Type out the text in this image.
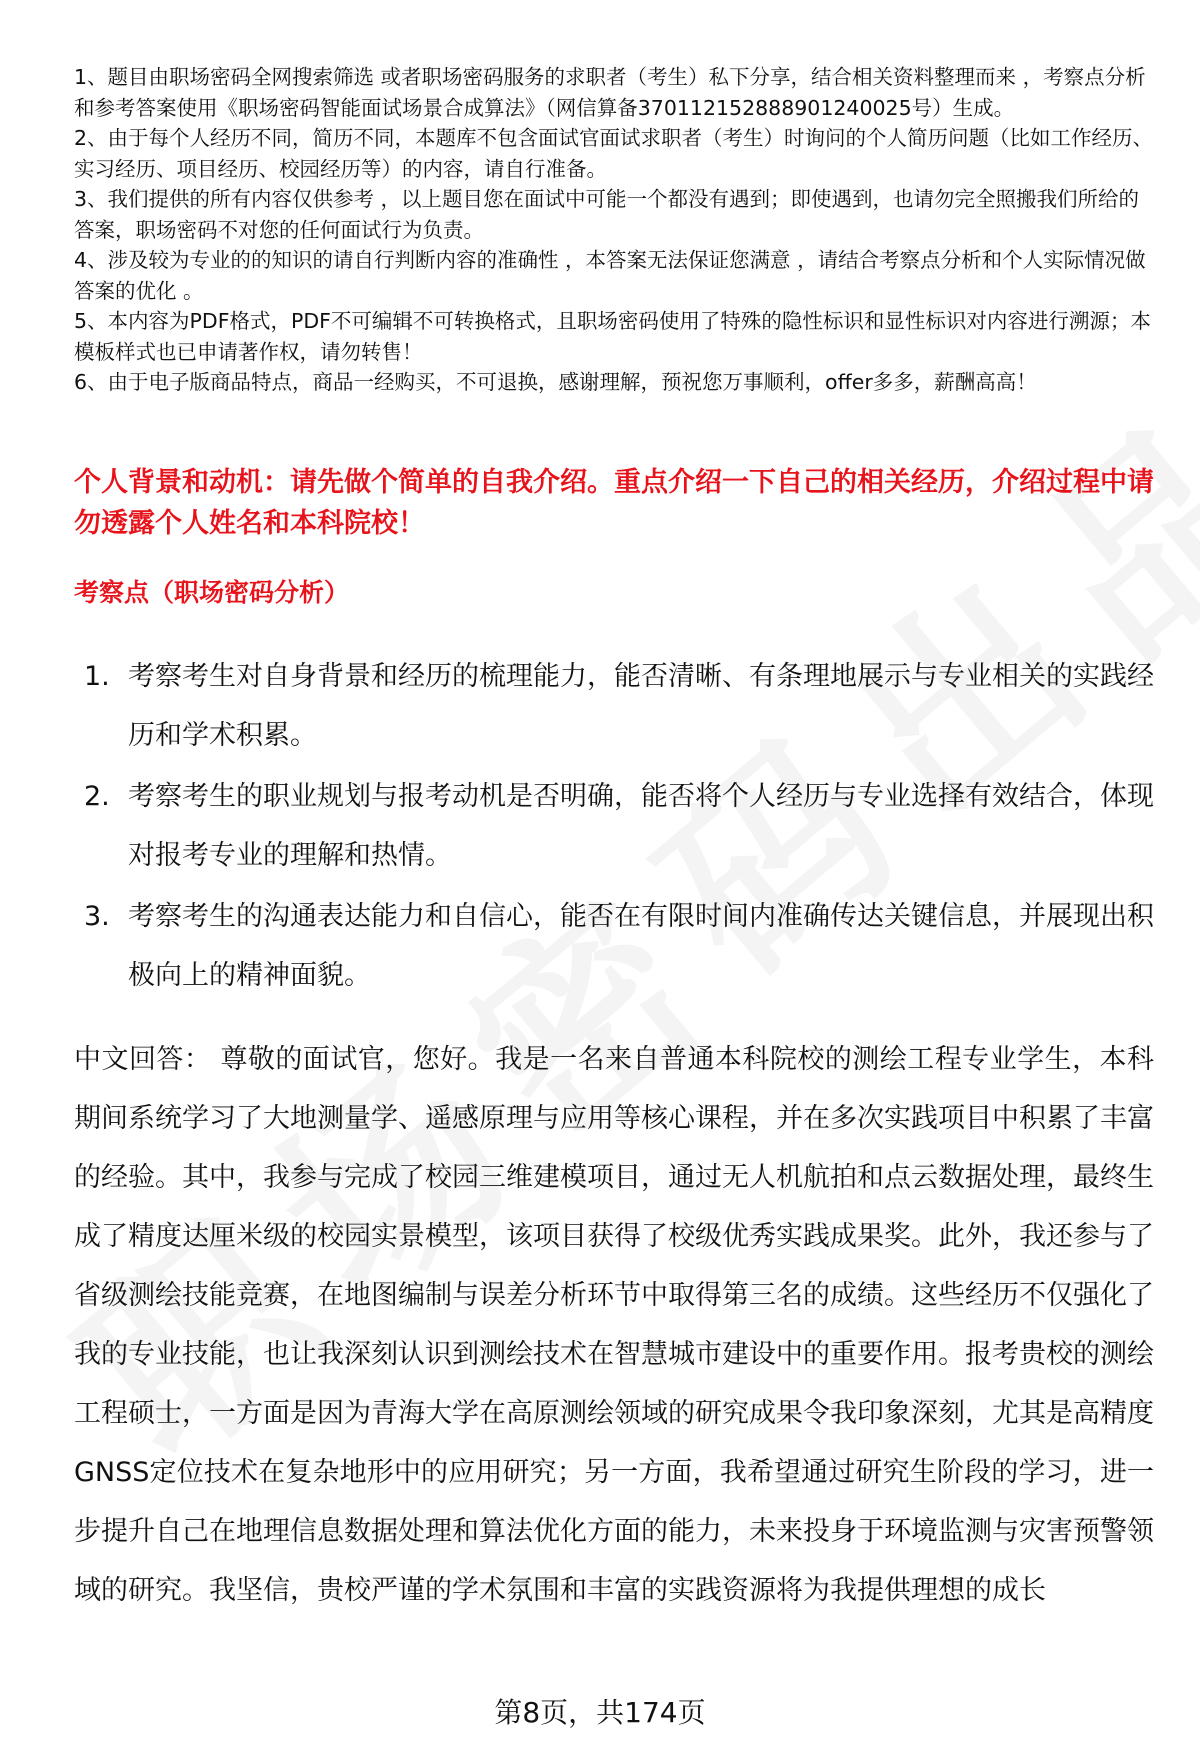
1、题目由职场密码全网搜索筛选 或者职场密码服务的求职者（考生）私下分享，结合相关资料整理而来 ，考察点分析和参考答案使用《职场密码智能面试场景合成算法》（网信算备370112152888901240025号）生成。

2、由于每个人经历不同，简历不同，本题库不包含面试官面试求职者（考生）时询问的个人简历问题（比如工作经历、实习经历、项目经历、校园经历等）的内容，请自行准备。

3、我们提供的所有内容仅供参考 ，以上题目您在面试中可能一个都没有遇到；即使遇到，也请勿完全照搬我们所给的答案，职场密码不对您的任何面试行为负责。

4、涉及较为专业的的知识的请自行判断内容的准确性 ，本答案无法保证您满意 ，请结合考察点分析和个人实际情况做答案的优化 。

5、本内容为PDF格式，PDF不可编辑不可转换格式，且职场密码使用了特殊的隐性标识和显性标识对内容进行溯源；本模板样式也已申请著作权，请勿转售！

6、由于电子版商品特点，商品一经购买，不可退换，感谢理解，预祝您万事顺利，offer多多，薪酬高高！

个人背景和动机：请先做个简单的自我介绍。重点介绍一下自己的相关经历，介绍过程中请勿透露个人姓名和本科院校！
考察点（职场密码分析）
1. 考察考生对自身背景和经历的梳理能力，能否清晰、有条理地展示与专业相关的实践经历和学术积累。
2. 考察考生的职业规划与报考动机是否明确，能否将个人经历与专业选择有效结合，体现对报考专业的理解和热情。
3. 考察考生的沟通表达能力和自信心，能否在有限时间内准确传达关键信息，并展现出积极向上的精神面貌。

中文回答： 尊敬的面试官，您好。我是一名来自普通本科院校的测绘工程专业学生，本科期间系统学习了大地测量学、遥感原理与应用等核心课程，并在多次实践项目中积累了丰富的经验。其中，我参与完成了校园三维建模项目，通过无人机航拍和点云数据处理，最终生成了精度达厘米级的校园实景模型，该项目获得了校级优秀实践成果奖。此外，我还参与了省级测绘技能竞赛，在地图编制与误差分析环节中取得第三名的成绩。这些经历不仅强化了我的专业技能，也让我深刻认识到测绘技术在智慧城市建设中的重要作用。报考贵校的测绘工程硕士，一方面是因为青海大学在高原测绘领域的研究成果令我印象深刻，尤其是高精度GNSS定位技术在复杂地形中的应用研究；另一方面，我希望通过研究生阶段的学习，进一步提升自己在地理信息数据处理和算法优化方面的能力，未来投身于环境监测与灾害预警领域的研究。我坚信，贵校严谨的学术氛围和丰富的实践资源将为我提供理想的成长

第8页，共174页
